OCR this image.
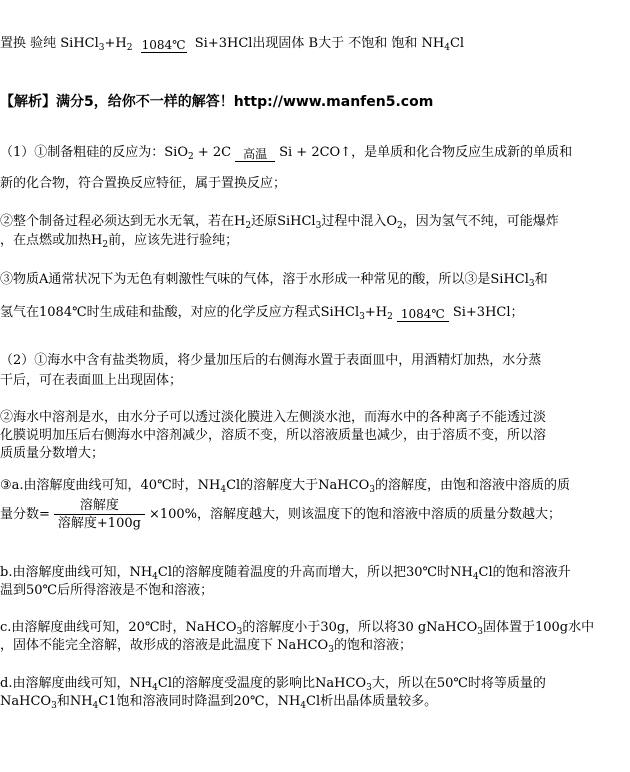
置换 验纯 $SiHCl_3+H_2$ 1084℃ Si+3HCl出现固体 B大于 不饱和 饱和 $NH_4Cl$
【解析】满分5，给你不一样的解答！http://www.manfen5.com
（1）①制备粗硅的反应为：SiO$_2$ + 2C 高温 Si + 2CO↑，是单质和化合物反应生成新的单质和
新的化合物，符合置换反应特征，属于置换反应；
②整个制备过程必须达到无水无氧，若在$H_2$还原SiHCl$_3$过程中混入$O_2$，因为氢气不纯，可能爆炸
，在点燃或加热$H_2$前，应该先进行验纯；
③物质A通常状况下为无色有刺激性气味的气体，溶于水形成一种常见的酸，所以③是SiHCl$_3$和
氢气在1084℃时生成硅和盐酸，对应的化学反应方程式$SiHCl_3+H_2$ 1084℃ Si+3HCl；
（2）①海水中含有盐类物质，将少量加压后的右侧海水置于表面皿中，用酒精灯加热，水分蒸
干后，可在表面皿上出现固体；
②海水中溶剂是水，由水分子可以透过淡化膜进入左侧淡水池，而海水中的各种离子不能透过淡
化膜说明加压后右侧海水中溶剂减少，溶质不变，所以溶液质量也减少，由于溶质不变，所以溶
质质量分数增大；
③a.由溶解度曲线可知，40℃时，$NH_4Cl$的溶解度大于NaHCO$_3$的溶解度，由饱和溶液中溶质的质
量分数= $\frac{\text{溶解度}}{\text{溶解度+100g}} \times 100\%$，溶解度越大，则该温度下的饱和溶液中溶质的质量分数越大；
b.由溶解度曲线可知，$NH_4Cl$的溶解度随着温度的升高而增大，所以把30℃时$NH_4Cl$的饱和溶液升
温到50℃后所得溶液是不饱和溶液；
c.由溶解度曲线可知，20℃时，NaHCO$_3$的溶解度小于30g，所以将30 gNaHCO$_3$固体置于100g水中
，固体不能完全溶解，故形成的溶液是此温度下 NaHCO$_3$的饱和溶液；
d.由溶解度曲线可知，$NH_4Cl$的溶解度受温度的影响比NaHCO$_3$大，所以在50℃时将等质量的
NaHCO$_3$和$NH_4C1$饱和溶液同时降温到20℃，$NH_4Cl$析出晶体质量较多。
